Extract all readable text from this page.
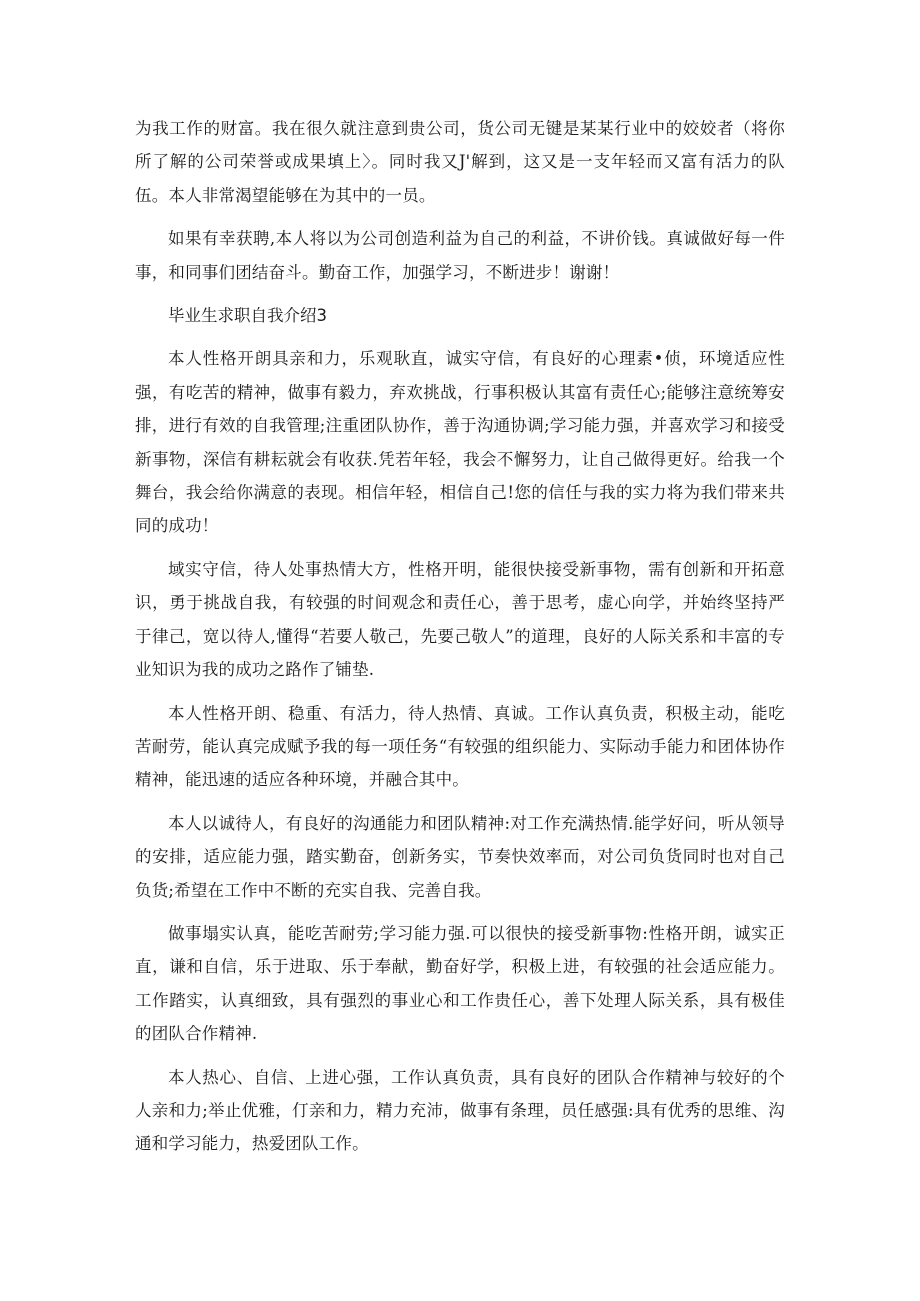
为我工作的财富。我在很久就注意到贵公司，货公司无键是某某行业中的姣姣者（将你所了解的公司荣誉或成果填上〉。同时我又J'解到，这又是一支年轻而又富有活力的队伍。本人非常渴望能够在为其中的一员。

如果有幸获聘,本人将以为公司创造利益为自己的利益，不讲价钱。真诚做好每一件事，和同事们团结奋斗。勤奋工作，加强学习，不断进步！谢谢！

毕业生求职自我介绍3

本人性格开朗具亲和力，乐观耿直，诚实守信，有良好的心理素•侦，环境适应性强，有吃苦的精神，做事有毅力，弃欢挑战，行事积极认其富有责任心;能够注意统筹安排，进行有效的自我管理;注重团队协作，善于沟通协调;学习能力强，并喜欢学习和接受新事物，深信有耕耘就会有收获.凭若年轻，我会不懈努力，让自己做得更好。给我一个舞台，我会给你满意的表现。相信年轻，相信自己!您的信任与我的实力将为我们带来共同的成功！

域实守信，待人处事热情大方，性格开明，能很快接受新事物，需有创新和开拓意识，勇于挑战自我，有较强的时间观念和责任心，善于思考，虚心向学，并始终坚持严于律己，宽以待人,懂得“若要人敬己，先要己敬人”的道理，良好的人际关系和丰富的专业知识为我的成功之路作了铺垫.

本人性格开朗、稳重、有活力，待人热情、真诚。工作认真负责，积极主动，能吃苦耐劳，能认真完成赋予我的每一项任务“有较强的组织能力、实际动手能力和团体协作精神，能迅速的适应各种环境，并融合其中。

本人以诚待人，有良好的沟通能力和团队精神:对工作充满热情.能学好问，听从领导的安排，适应能力强，踏实勤奋，创新务实，节奏快效率而，对公司负货同时也对自己负货;希望在工作中不断的充实自我、完善自我。

做事塌实认真，能吃苦耐劳;学习能力强.可以很快的接受新事物:性格开朗，诚实正直，谦和自信，乐于进取、乐于奉献，勤奋好学，积极上进，有较强的社会适应能力。工作踏实，认真细致，具有强烈的事业心和工作贵任心，善下处理人际关系，具有极佳的团队合作精神.

本人热心、自信、上进心强，工作认真负责，具有良好的团队合作精神与较好的个人亲和力;举止优雅，仃亲和力，精力充沛，做事有条理，员任感强:具有优秀的思维、沟通和学习能力，热爱团队工作。
